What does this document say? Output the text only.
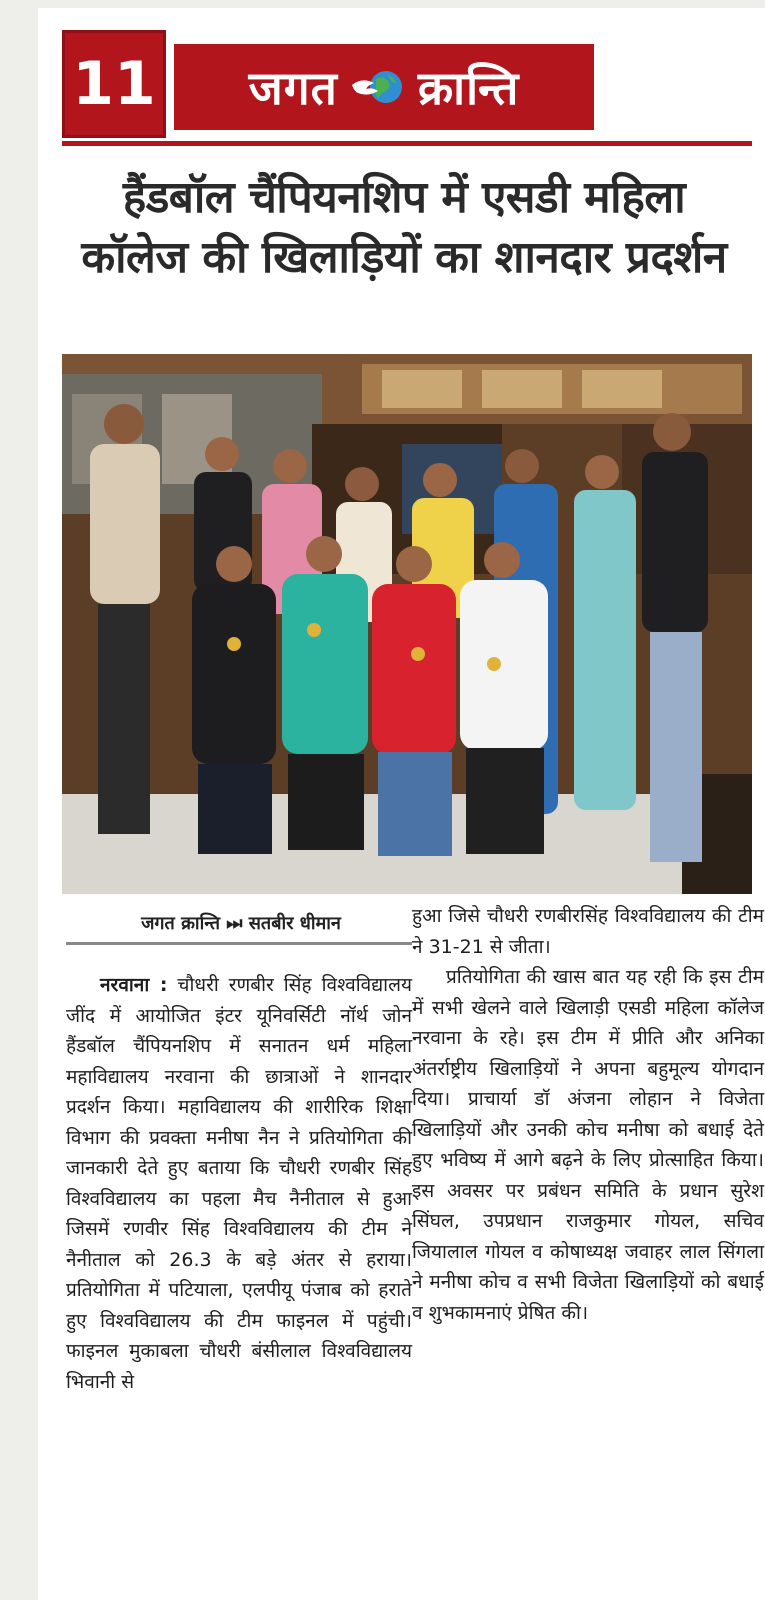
11 जगत क्रान्ति
हैंडबॉल चैंपियनशिप में एसडी महिला
कॉलेज की खिलाड़ियों का शानदार प्रदर्शन
जगत क्रान्ति ⏭ सतबीर धीमान

नरवाना : चौधरी रणबीर सिंह विश्वविद्यालय जींद में आयोजित इंटर यूनिवर्सिटी नॉर्थ जोन हैंडबॉल चैंपियनशिप में सनातन धर्म महिला महाविद्यालय नरवाना की छात्राओं ने शानदार प्रदर्शन किया। महाविद्यालय की शारीरिक शिक्षा विभाग की प्रवक्ता मनीषा नैन ने प्रतियोगिता की जानकारी देते हुए बताया कि चौधरी रणबीर सिंह विश्वविद्यालय का पहला मैच नैनीताल से हुआ जिसमें रणवीर सिंह विश्वविद्यालय की टीम ने नैनीताल को 26.3 के बड़े अंतर से हराया। प्रतियोगिता में पटियाला, एलपीयू पंजाब को हराते हुए विश्वविद्यालय की टीम फाइनल में पहुंची। फाइनल मुकाबला चौधरी बंसीलाल विश्वविद्यालय भिवानी से

हुआ जिसे चौधरी रणबीरसिंह विश्वविद्यालय की टीम ने 31-21 से जीता।

प्रतियोगिता की खास बात यह रही कि इस टीम में सभी खेलने वाले खिलाड़ी एसडी महिला कॉलेज नरवाना के रहे। इस टीम में प्रीति और अनिका अंतर्राष्ट्रीय खिलाड़ियों ने अपना बहुमूल्य योगदान दिया। प्राचार्या डॉ अंजना लोहान ने विजेता खिलाड़ियों और उनकी कोच मनीषा को बधाई देते हुए भविष्य में आगे बढ़ने के लिए प्रोत्साहित किया। इस अवसर पर प्रबंधन समिति के प्रधान सुरेश सिंघल, उपप्रधान राजकुमार गोयल, सचिव जियालाल गोयल व कोषाध्यक्ष जवाहर लाल सिंगला ने मनीषा कोच व सभी विजेता खिलाड़ियों को बधाई व शुभकामनाएं प्रेषित की।
